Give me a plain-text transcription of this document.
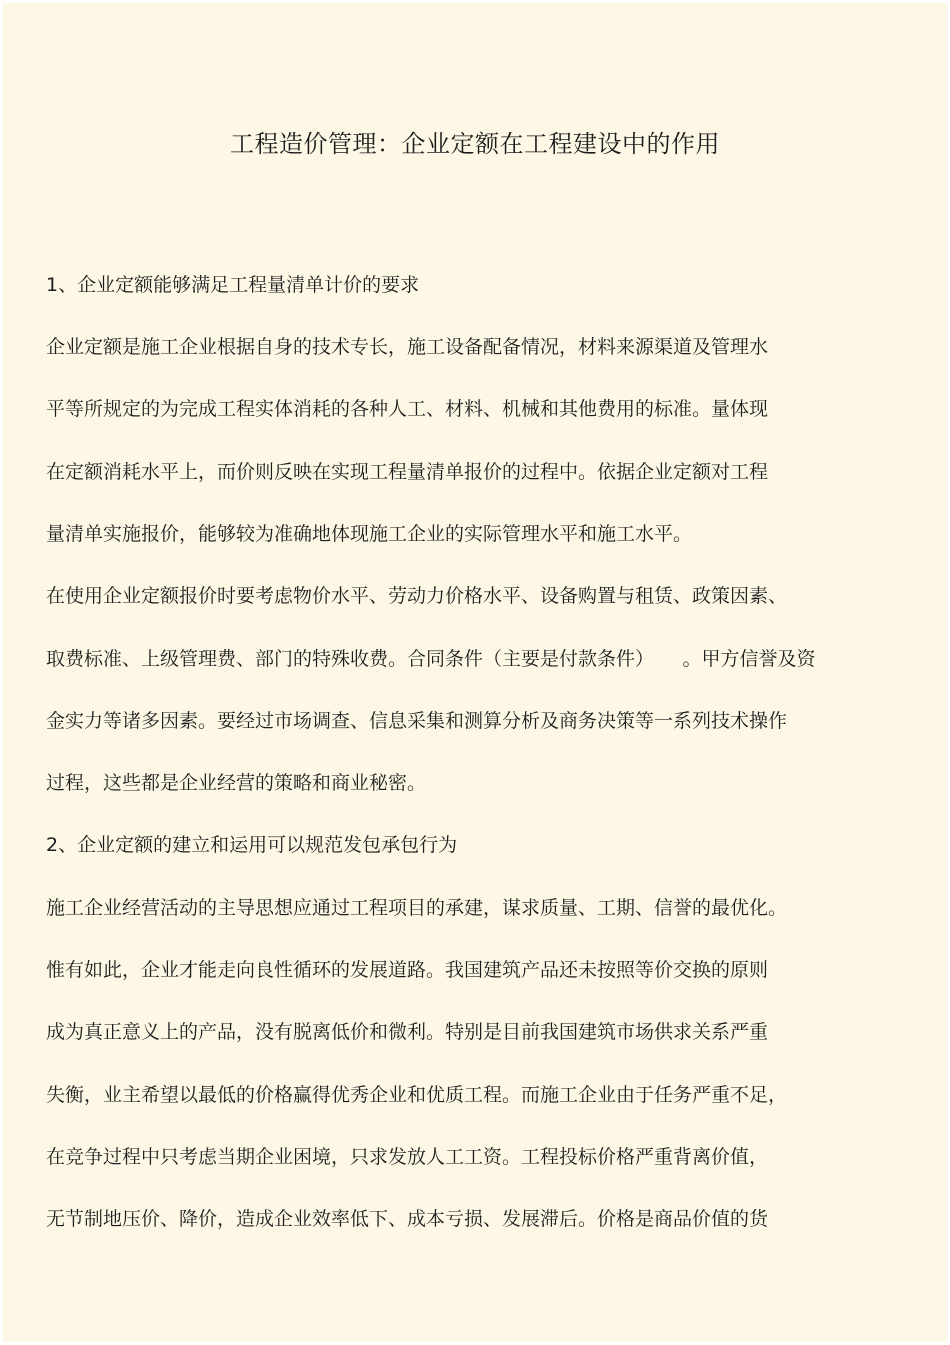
工程造价管理：企业定额在工程建设中的作用
1、企业定额能够满足工程量清单计价的要求
企业定额是施工企业根据自身的技术专长，施工设备配备情况，材料来源渠道及管理水
平等所规定的为完成工程实体消耗的各种人工、材料、机械和其他费用的标准。量体现
在定额消耗水平上，而价则反映在实现工程量清单报价的过程中。依据企业定额对工程
量清单实施报价，能够较为准确地体现施工企业的实际管理水平和施工水平。
在使用企业定额报价时要考虑物价水平、劳动力价格水平、设备购置与租赁、政策因素、
取费标准、上级管理费、部门的特殊收费。合同条件（主要是付款条件）　　。甲方信誉及资
金实力等诸多因素。要经过市场调查、信息采集和测算分析及商务决策等一系列技术操作
过程，这些都是企业经营的策略和商业秘密。
2、企业定额的建立和运用可以规范发包承包行为
施工企业经营活动的主导思想应通过工程项目的承建，谋求质量、工期、信誉的最优化。
惟有如此，企业才能走向良性循环的发展道路。我国建筑产品还未按照等价交换的原则
成为真正意义上的产品，没有脱离低价和微利。特别是目前我国建筑市场供求关系严重
失衡，业主希望以最低的价格赢得优秀企业和优质工程。而施工企业由于任务严重不足，
在竞争过程中只考虑当期企业困境，只求发放人工工资。工程投标价格严重背离价值，
无节制地压价、降价，造成企业效率低下、成本亏损、发展滞后。价格是商品价值的货
